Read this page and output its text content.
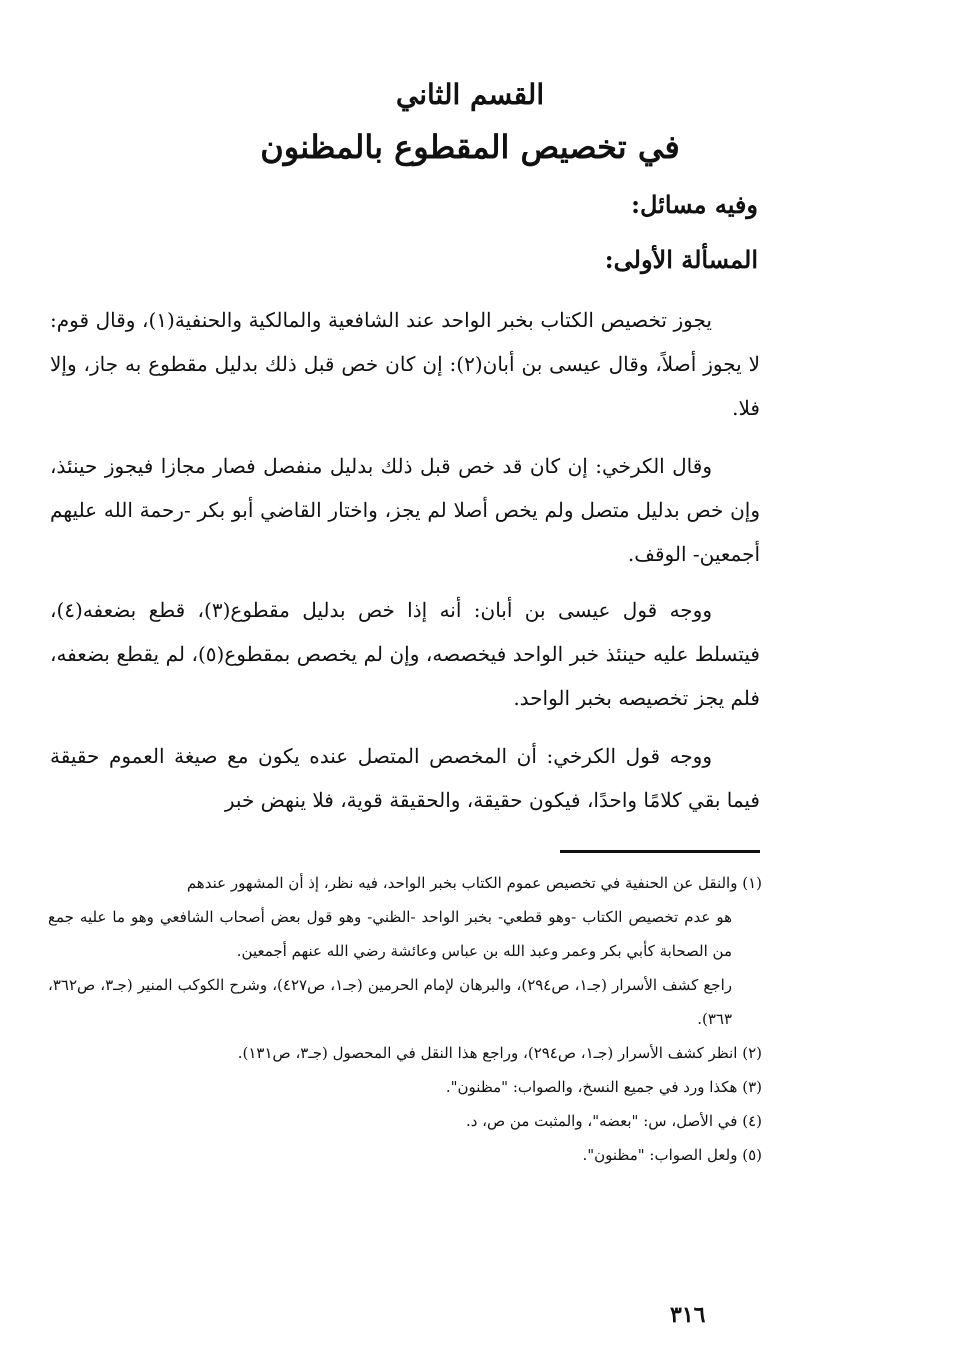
القسم الثاني
في تخصيص المقطوع بالمظنون
وفيه مسائل:
المسألة الأولى:

يجوز تخصيص الكتاب بخبر الواحد عند الشافعية والمالكية والحنفية(١)، وقال قوم: لا يجوز أصلاً، وقال عيسى بن أبان(٢): إن كان خص قبل ذلك بدليل مقطوع به جاز، وإلا فلا.

وقال الكرخي: إن كان قد خص قبل ذلك بدليل منفصل فصار مجازا فيجوز حينئذ، وإن خص بدليل متصل ولم يخص أصلا لم يجز، واختار القاضي أبو بكر -رحمة الله عليهم أجمعين- الوقف.

ووجه قول عيسى بن أبان: أنه إذا خص بدليل مقطوع(٣)، قطع بضعفه(٤)، فيتسلط عليه حينئذ خبر الواحد فيخصصه، وإن لم يخصص بمقطوع(٥)، لم يقطع بضعفه، فلم يجز تخصيصه بخبر الواحد.

ووجه قول الكرخي: أن المخصص المتصل عنده يكون مع صيغة العموم حقيقة فيما بقي كلامًا واحدًا، فيكون حقيقة، والحقيقة قوية، فلا ينهض خبر

(١) والنقل عن الحنفية في تخصيص عموم الكتاب بخبر الواحد، فيه نظر، إذ أن المشهور عندهم

هو عدم تخصيص الكتاب -وهو قطعي- بخبر الواحد -الظني- وهو قول بعض أصحاب الشافعي وهو ما عليه جمع من الصحابة كأبي بكر وعمر وعبد الله بن عباس وعائشة رضي الله عنهم أجمعين.

راجع كشف الأسرار (جـ١، ص٢٩٤)، والبرهان لإمام الحرمين (جـ١، ص٤٢٧)، وشرح الكوكب المنير (جـ٣، ص٣٦٢، ٣٦٣).

(٢) انظر كشف الأسرار (جـ١، ص٢٩٤)، وراجع هذا النقل في المحصول (جـ٣، ص١٣١).

(٣) هكذا ورد في جميع النسخ، والصواب: "مظنون".

(٤) في الأصل، س: "بعضه"، والمثبت من ص، د.

(٥) ولعل الصواب: "مظنون".

٣١٦
